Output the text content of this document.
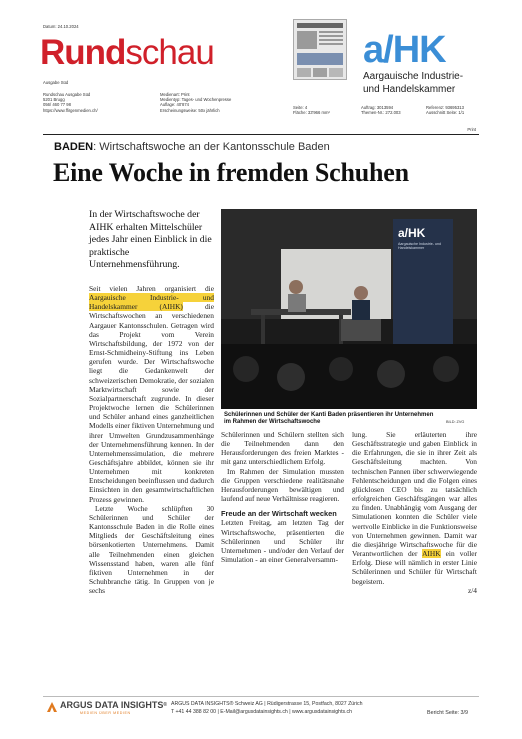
Datum: 24.10.2024
Rundschau
Ausgabe Süd
Rundschau Ausgabe Süd
5201 Brugg
056/ 460 77 98
https://www.ffirgenmedien.ch/
Medienart: Print
Medientyp: Tages- und Wochenpresse
Auflage: 40'874
Erscheinungsweise: 50x jährlich
Seite: 4
Fläche: 33'966 mm²
Auftrag: 3013594
Themen-Nr.: 272.003
Referenz: 93695313
Ausschnitt Seite: 1/1
a/HK
Aargauische Industrie-
und Handelskammer
Print
BADEN: Wirtschaftswoche an der Kantonsschule Baden
Eine Woche in fremden Schuhen
In der Wirtschaftswoche der AIHK erhalten Mittelschüler jedes Jahr einen Einblick in die praktische Unternehmensführung.
a/HK
Aargauische Industrie- und Handelskammer
Schülerinnen und Schüler der Kanti Baden präsentieren ihr Unternehmen im Rahmen der Wirtschaftswoche	BILD: ZVG

Seit vielen Jahren organisiert die Aargauische Industrie- und Handelskammer (AIHK) die Wirtschaftswochen an verschiedenen Aargauer Kantonsschulen. Getragen wird das Projekt vom Verein Wirtschaftsbildung, der 1972 von der Ernst-Schmidheiny-Stiftung ins Leben gerufen wurde. Der Wirtschaftswoche liegt die Gedankenwelt der schweizerischen Demokratie, der sozialen Marktwirtschaft sowie der Sozialpartnerschaft zugrunde. In dieser Projektwoche lernen die Schülerinnen und Schüler anhand eines ganzheitlichen Modells einer fiktiven Unternehmung und ihrer Umwelten Grundzusammenhänge der Unternehmensführung kennen. In der Unternehmenssimulation, die mehrere Geschäftsjahre abbildet, können sie ihr Unternehmen mit konkreten Entscheidungen beeinflussen und dadurch Einsichten in den gesamtwirtschaftlichen Prozess gewinnen.

Letzte Woche schlüpften 30 Schülerinnen und Schüler der Kantonsschule Baden in die Rolle eines Mitglieds der Geschäftsleitung eines börsenkotierten Unternehmens. Damit alle Teilnehmenden einen gleichen Wissensstand haben, waren alle fünf fiktiven Unternehmen in der Schuhbranche tätig. In Gruppen von je sechs

Schülerinnen und Schülern stellten sich die Teilnehmenden dann den Herausforderungen des freien Marktes - mit ganz unterschiedlichem Erfolg.

Im Rahmen der Simulation mussten die Gruppen verschiedene realitätsnahe Herausforderungen bewältigen und laufend auf neue Verhältnisse reagieren.

Freude an der Wirtschaft wecken

Letzten Freitag, am letzten Tag der Wirtschaftswoche, präsentierten die Schülerinnen und Schüler ihr Unternehmen - und/oder den Verlauf der Simulation - an einer Generalversamm-

lung. Sie erläuterten ihre Geschäftsstrategie und gaben Einblick in die Erfahrungen, die sie in ihrer Zeit als Geschäftsleitung machten. Von technischen Pannen über schwerwiegende Fehlentscheidungen und die Folgen eines glücklosen CEO bis zu tatsächlich erfolgreichen Geschäftsgängen war alles zu finden. Unabhängig vom Ausgang der Simulationen konnten die Schüler viele wertvolle Einblicke in die Funktionsweise von Unternehmen gewinnen. Damit war die diesjährige Wirtschaftswoche für die Verantwortlichen der AIHK ein voller Erfolg. Diese will nämlich in erster Linie Schülerinnen und Schüler für Wirtschaft begeistern.

z/4
ARGUS DATA INSIGHTS®
MEDIEN ÜBER MEDIEN
ARGUS DATA INSIGHTS® Schweiz AG | Rüdigerstrasse 15, Postfach, 8027 Zürich
T +41 44 388 82 00 | E-Mail@argusdatainsights.ch | www.argusdatainsights.ch	Bericht Seite: 3/9
